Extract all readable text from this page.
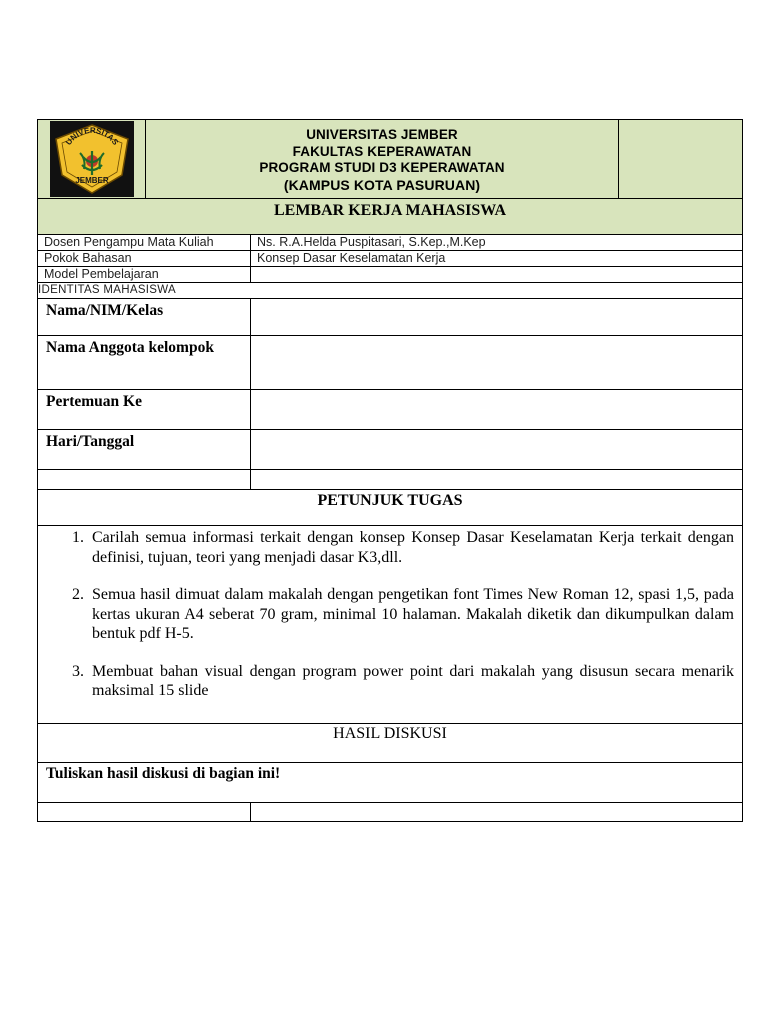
UNIVERSITAS
JEMBER
UNIVERSITAS JEMBER
FAKULTAS KEPERAWATAN
PROGRAM STUDI D3 KEPERAWATAN
(KAMPUS KOTA PASURUAN)
LEMBAR KERJA MAHASISWA
Dosen Pengampu Mata Kuliah	Ns. R.A.Helda Puspitasari, S.Kep.,M.Kep
Pokok Bahasan	Konsep Dasar Keselamatan Kerja
Model Pembelajaran
IDENTITAS MAHASISWA
Nama/NIM/Kelas
Nama Anggota kelompok
Pertemuan Ke
Hari/Tanggal
PETUNJUK TUGAS
1. Carilah semua informasi terkait dengan konsep Konsep Dasar Keselamatan Kerja terkait dengan definisi, tujuan, teori yang menjadi dasar K3,dll.
2. Semua hasil dimuat dalam makalah dengan pengetikan font Times New Roman 12, spasi 1,5, pada kertas ukuran A4 seberat 70 gram, minimal 10 halaman. Makalah diketik dan dikumpulkan dalam bentuk pdf H-5.
3. Membuat bahan visual dengan program power point dari makalah yang disusun secara menarik maksimal 15 slide
HASIL DISKUSI
Tuliskan hasil diskusi di bagian ini!
